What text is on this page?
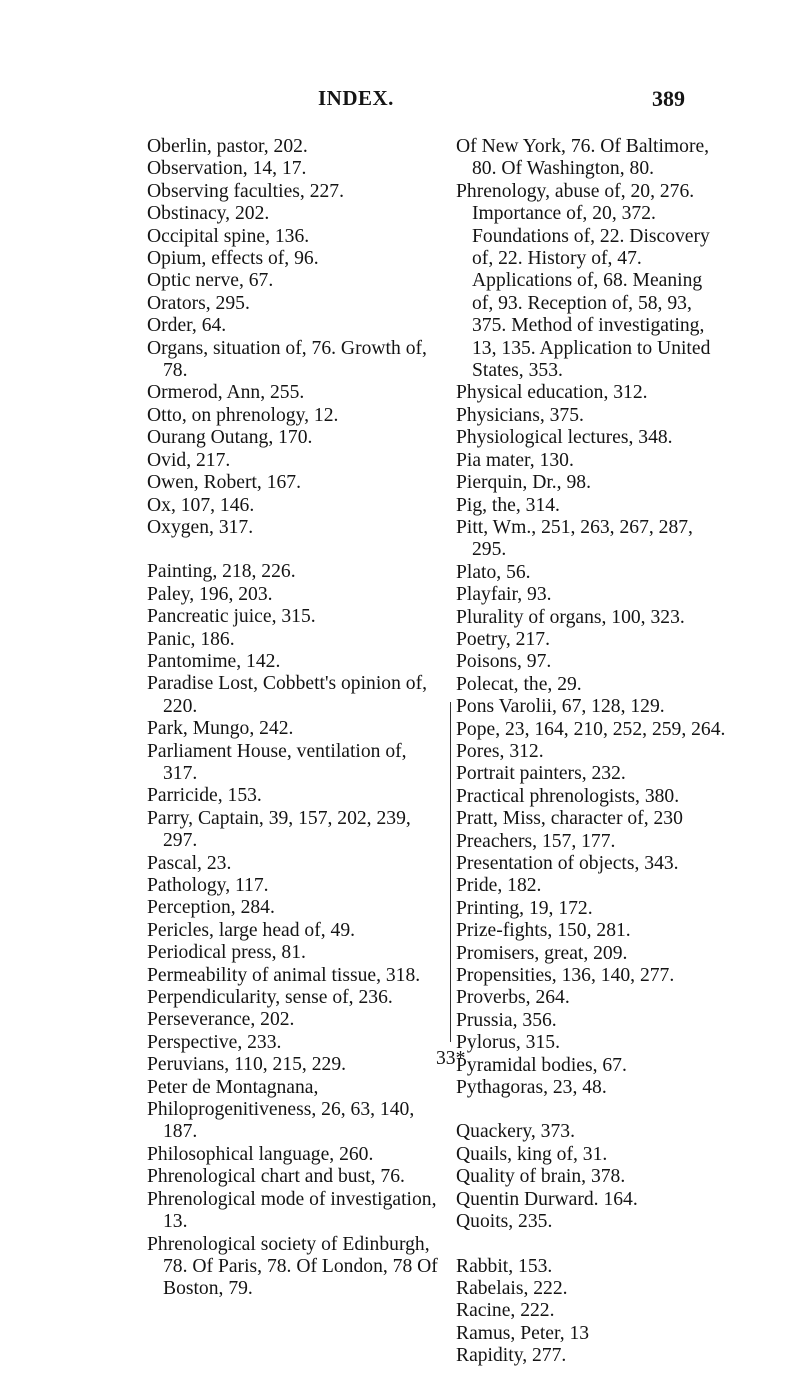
INDEX.	389

Oberlin, pastor, 202.

Observation, 14, 17.

Observing faculties, 227.

Obstinacy, 202.

Occipital spine, 136.

Opium, effects of, 96.

Optic nerve, 67.

Orators, 295.

Order, 64.

Organs, situation of, 76. Growth of, 78.

Ormerod, Ann, 255.

Otto, on phrenology, 12.

Ourang Outang, 170.

Ovid, 217.

Owen, Robert, 167.

Ox, 107, 146.

Oxygen, 317.

Painting, 218, 226.

Paley, 196, 203.

Pancreatic juice, 315.

Panic, 186.

Pantomime, 142.

Paradise Lost, Cobbett's opinion of, 220.

Park, Mungo, 242.

Parliament House, ventilation of, 317.

Parricide, 153.

Parry, Captain, 39, 157, 202, 239, 297.

Pascal, 23.

Pathology, 117.

Perception, 284.

Pericles, large head of, 49.

Periodical press, 81.

Permeability of animal tissue, 318.

Perpendicularity, sense of, 236.

Perseverance, 202.

Perspective, 233.

Peruvians, 110, 215, 229.

Peter de Montagnana,

Philoprogenitiveness, 26, 63, 140, 187.

Philosophical language, 260.

Phrenological chart and bust, 76.

Phrenological mode of investigation, 13.

Phrenological society of Edinburgh, 78. Of Paris, 78. Of London, 78 Of Boston, 79.

Of New York, 76. Of Baltimore, 80. Of Washington, 80.

Phrenology, abuse of, 20, 276. Importance of, 20, 372. Foundations of, 22. Discovery of, 22. History of, 47. Applications of, 68. Meaning of, 93. Reception of, 58, 93, 375. Method of investigating, 13, 135. Application to United States, 353.

Physical education, 312.

Physicians, 375.

Physiological lectures, 348.

Pia mater, 130.

Pierquin, Dr., 98.

Pig, the, 314.

Pitt, Wm., 251, 263, 267, 287, 295.

Plato, 56.

Playfair, 93.

Plurality of organs, 100, 323.

Poetry, 217.

Poisons, 97.

Polecat, the, 29.

Pons Varolii, 67, 128, 129.

Pope, 23, 164, 210, 252, 259, 264.

Pores, 312.

Portrait painters, 232.

Practical phrenologists, 380.

Pratt, Miss, character of, 230

Preachers, 157, 177.

Presentation of objects, 343.

Pride, 182.

Printing, 19, 172.

Prize-fights, 150, 281.

Promisers, great, 209.

Propensities, 136, 140, 277.

Proverbs, 264.

Prussia, 356.

Pylorus, 315.

Pyramidal bodies, 67.

Pythagoras, 23, 48.

Quackery, 373.

Quails, king of, 31.

Quality of brain, 378.

Quentin Durward. 164.

Quoits, 235.

Rabbit, 153.

Rabelais, 222.

Racine, 222.

Ramus, Peter, 13

Rapidity, 277.

33*
